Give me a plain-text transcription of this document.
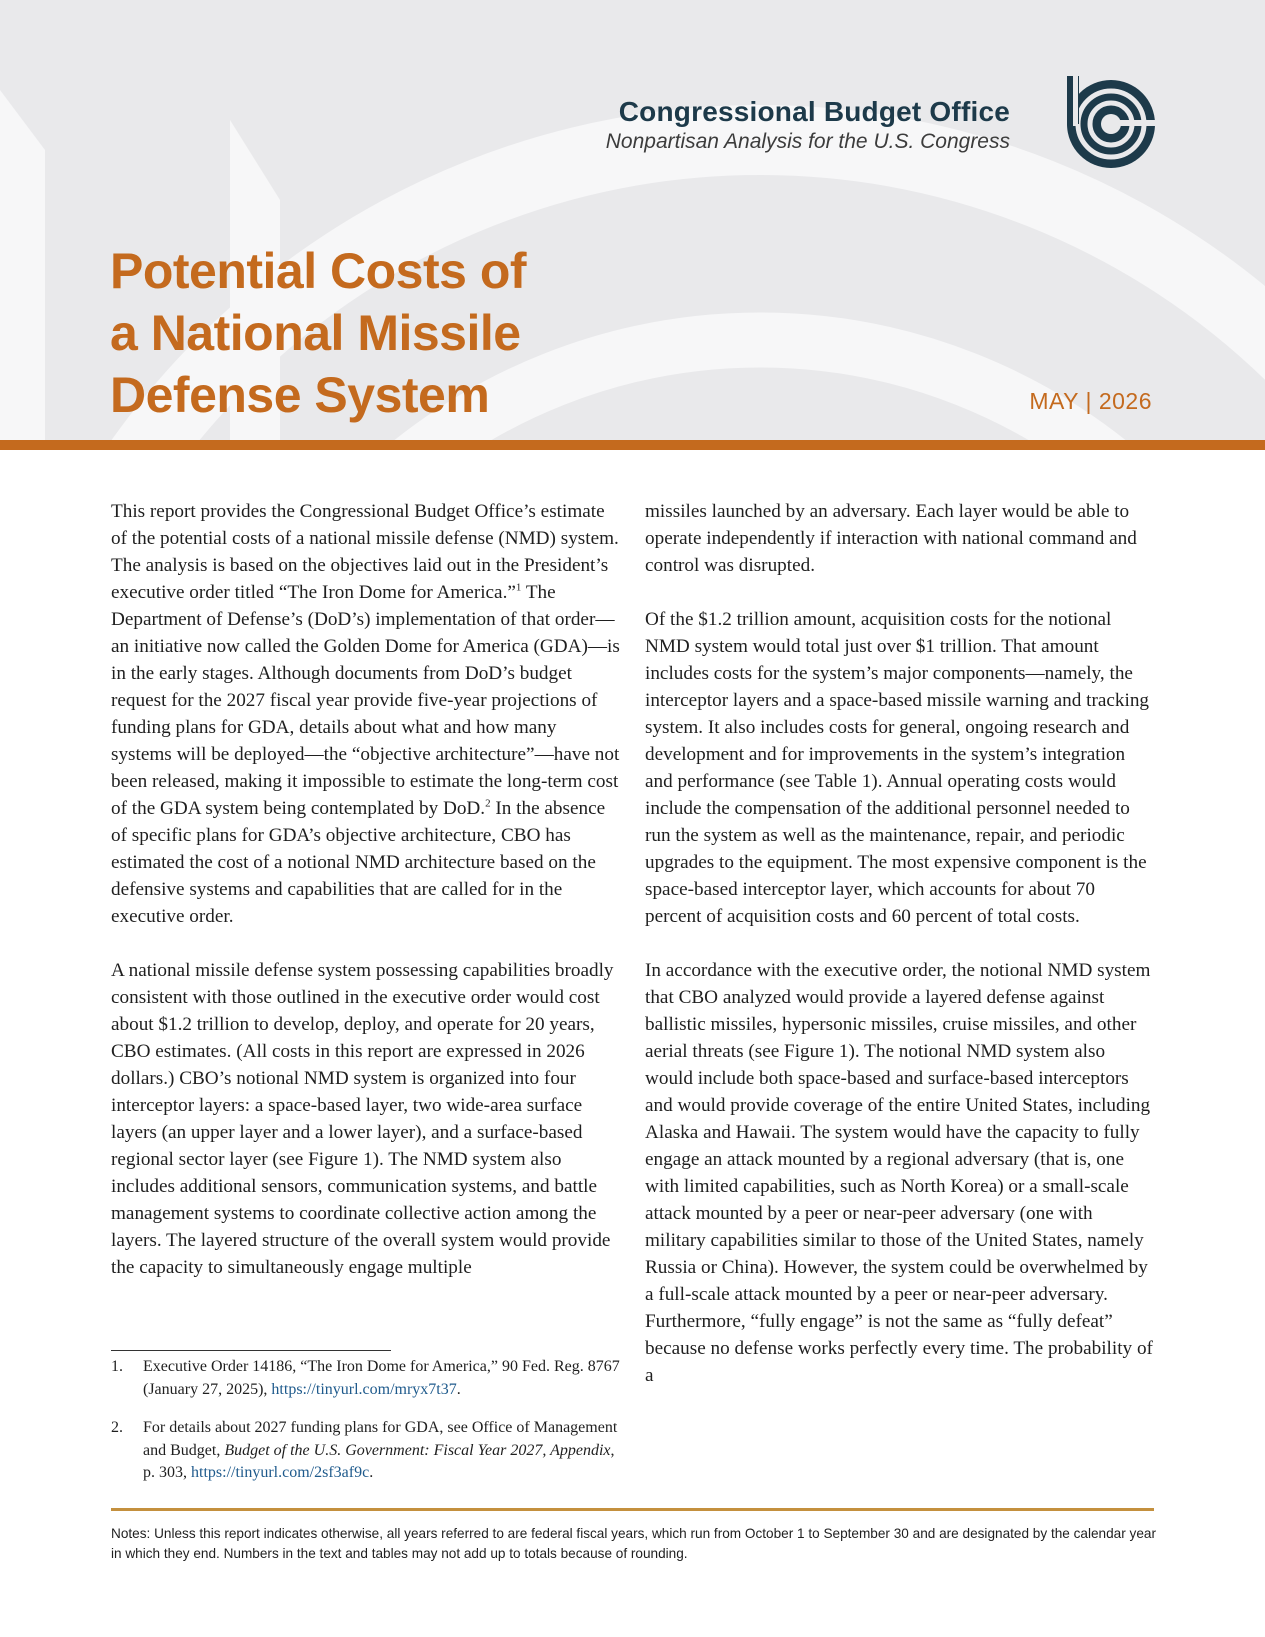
Congressional Budget Office
Nonpartisan Analysis for the U.S. Congress
Potential Costs of
a National Missile
Defense System	MAY | 2026

This report provides the Congressional Budget Office’s estimate of the potential costs of a national missile defense (NMD) system. The analysis is based on the objectives laid out in the President’s executive order titled “The Iron Dome for America.”$^1$ The Department of Defense’s (DoD’s) implementation of that order—an initiative now called the Golden Dome for America (GDA)—is in the early stages. Although documents from DoD’s budget request for the 2027 fiscal year provide five-year projections of funding plans for GDA, details about what and how many systems will be deployed—the “objective architecture”—have not been released, making it impossible to estimate the long-term cost of the GDA system being contemplated by DoD.$^2$ In the absence of specific plans for GDA’s objective architecture, CBO has estimated the cost of a notional NMD architecture based on the defensive systems and capabilities that are called for in the executive order.

A national missile defense system possessing capabilities broadly consistent with those outlined in the executive order would cost about $1.2 trillion to develop, deploy, and operate for 20 years, CBO estimates. (All costs in this report are expressed in 2026 dollars.) CBO’s notional NMD system is organized into four interceptor layers: a space-based layer, two wide-area surface layers (an upper layer and a lower layer), and a surface-based regional sector layer (see Figure 1). The NMD system also includes additional sensors, communication systems, and battle management systems to coordinate collective action among the layers. The layered structure of the overall system would provide the capacity to simultaneously engage multiple

missiles launched by an adversary. Each layer would be able to operate independently if interaction with national command and control was disrupted.

Of the $1.2 trillion amount, acquisition costs for the notional NMD system would total just over $1 trillion. That amount includes costs for the system’s major components—namely, the interceptor layers and a space-based missile warning and tracking system. It also includes costs for general, ongoing research and development and for improvements in the system’s integration and performance (see Table 1). Annual operating costs would include the compensation of the additional personnel needed to run the system as well as the maintenance, repair, and periodic upgrades to the equipment. The most expensive component is the space-based interceptor layer, which accounts for about 70 percent of acquisition costs and 60 percent of total costs.

In accordance with the executive order, the notional NMD system that CBO analyzed would provide a layered defense against ballistic missiles, hypersonic missiles, cruise missiles, and other aerial threats (see Figure 1). The notional NMD system also would include both space-based and surface-based interceptors and would provide coverage of the entire United States, including Alaska and Hawaii. The system would have the capacity to fully engage an attack mounted by a regional adversary (that is, one with limited capabilities, such as North Korea) or a small-scale attack mounted by a peer or near-peer adversary (one with military capabilities similar to those of the United States, namely Russia or China). However, the system could be overwhelmed by a full-scale attack mounted by a peer or near-peer adversary. Furthermore, “fully engage” is not the same as “fully defeat” because no defense works perfectly every time. The probability of a

1. Executive Order 14186, “The Iron Dome for America,” 90 Fed. Reg. 8767 (January 27, 2025), https://tinyurl.com/mryx7t37.
2. For details about 2027 funding plans for GDA, see Office of Management and Budget, Budget of the U.S. Government: Fiscal Year 2027, Appendix, p. 303, https://tinyurl.com/2sf3af9c.
Notes: Unless this report indicates otherwise, all years referred to are federal fiscal years, which run from October 1 to September 30 and are designated by the calendar year in which they end. Numbers in the text and tables may not add up to totals because of rounding.
